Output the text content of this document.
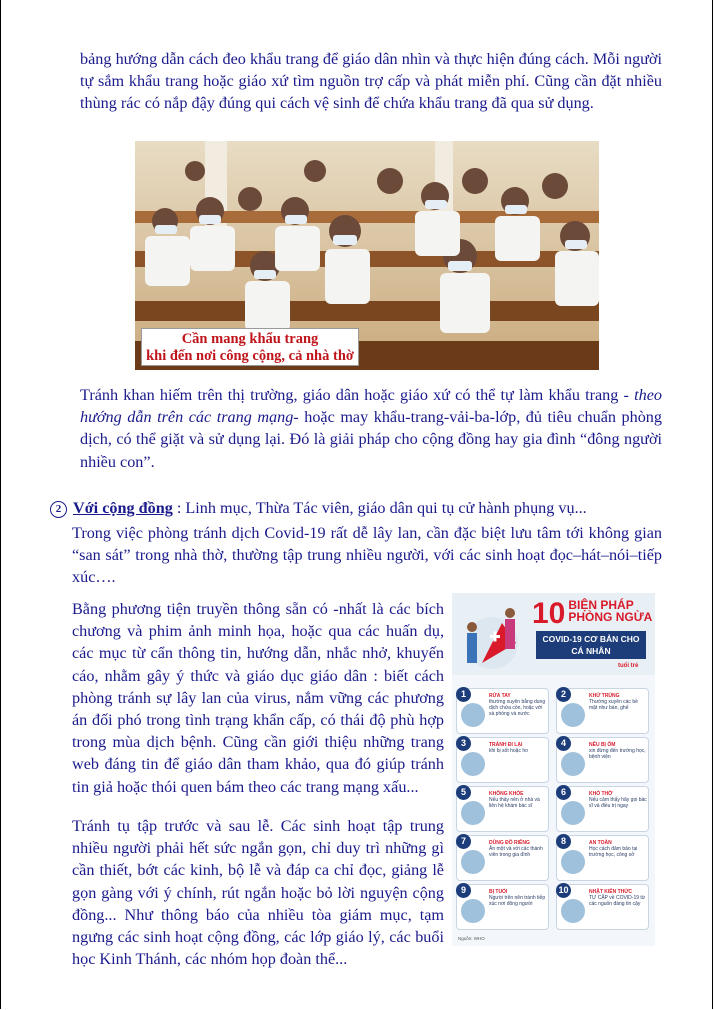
bảng hướng dẫn cách đeo khẩu trang để giáo dân nhìn và thực hiện đúng cách. Mỗi người tự sắm khẩu trang hoặc giáo xứ tìm nguồn trợ cấp và phát miễn phí. Cũng cần đặt nhiều thùng rác có nắp đậy đúng qui cách vệ sinh để chứa khẩu trang đã qua sử dụng.

Cần mang khẩu trang
khi đến nơi công cộng, cả nhà thờ

Tránh khan hiếm trên thị trường, giáo dân hoặc giáo xứ có thể tự làm khẩu trang - theo hướng dẫn trên các trang mạng- hoặc may khẩu-trang-vải-ba-lớp, đủ tiêu chuẩn phòng dịch, có thể giặt và sử dụng lại. Đó là giải pháp cho cộng đồng hay gia đình “đông người nhiều con”.

2 Với cộng đồng : Linh mục, Thừa Tác viên, giáo dân qui tụ cử hành phụng vụ...

Trong việc phòng tránh dịch Covid-19 rất dễ lây lan, cần đặc biệt lưu tâm tới không gian “san sát” trong nhà thờ, thường tập trung nhiều người, với các sinh hoạt đọc–hát–nói–tiếp xúc….

Bằng phương tiện truyền thông sẵn có -nhất là các bích chương và phim ảnh minh họa, hoặc qua các huấn dụ, các mục từ cẩn thông tin, hướng dẫn, nhắc nhở, khuyến cáo, nhằm gây ý thức và giáo dục giáo dân : biết cách phòng tránh sự lây lan của virus, nắm vững các phương án đối phó trong tình trạng khẩn cấp, có thái độ phù hợp trong mùa dịch bệnh. Cũng cần giới thiệu những trang web đáng tin để giáo dân tham khảo, qua đó giúp tránh tin giả hoặc thói quen bám theo các trang mạng xấu...

Tránh tụ tập trước và sau lễ. Các sinh hoạt tập trung nhiều người phải hết sức ngắn gọn, chỉ duy trì những gì cần thiết, bớt các kinh, bộ lễ và đáp ca chỉ đọc, giảng lễ gọn gàng với ý chính, rút ngắn hoặc bỏ lời nguyện cộng đồng... Như thông báo của nhiều tòa giám mục, tạm ngưng các sinh hoạt cộng đồng, các lớp giáo lý, các buổi học Kinh Thánh, các nhóm họp đoàn thể...

10 BIỆN PHÁP PHÒNG NGỪA
COVID-19 CƠ BẢN CHO CÁ NHÂN
tuổi trẻ
1	RỬA TAY
thường xuyên bằng dung dịch chứa cồn, hoặc với xà phòng và nước
2	KHỬ TRÙNG
Thường xuyên các bề mặt như bàn, ghế
3	TRÁNH ĐI LẠI
khi bị sốt hoặc ho
4	NẾU BỊ ỐM
xin đừng đến trường học, bệnh viện
5	KHÔNG KHỎE
Nếu thấy nên ở nhà và liên hệ khám bác sĩ
6	KHÓ THỞ
Nếu cảm thấy hãy gọi bác sĩ và điều trị ngay
7	DÙNG ĐỒ RIÊNG
Ăn một và với các thành viên trong gia đình
8	AN TOÀN
Học cách đảm bảo tại trường học, công sở
9	BỊ TUỔI
Người trên nên tránh tiếp xúc nơi đông người
10	NHẬT KIẾN THỨC
TỰ CẬP về COVID-19 từ các nguồn đáng tin cậy
Nguồn: WHO
